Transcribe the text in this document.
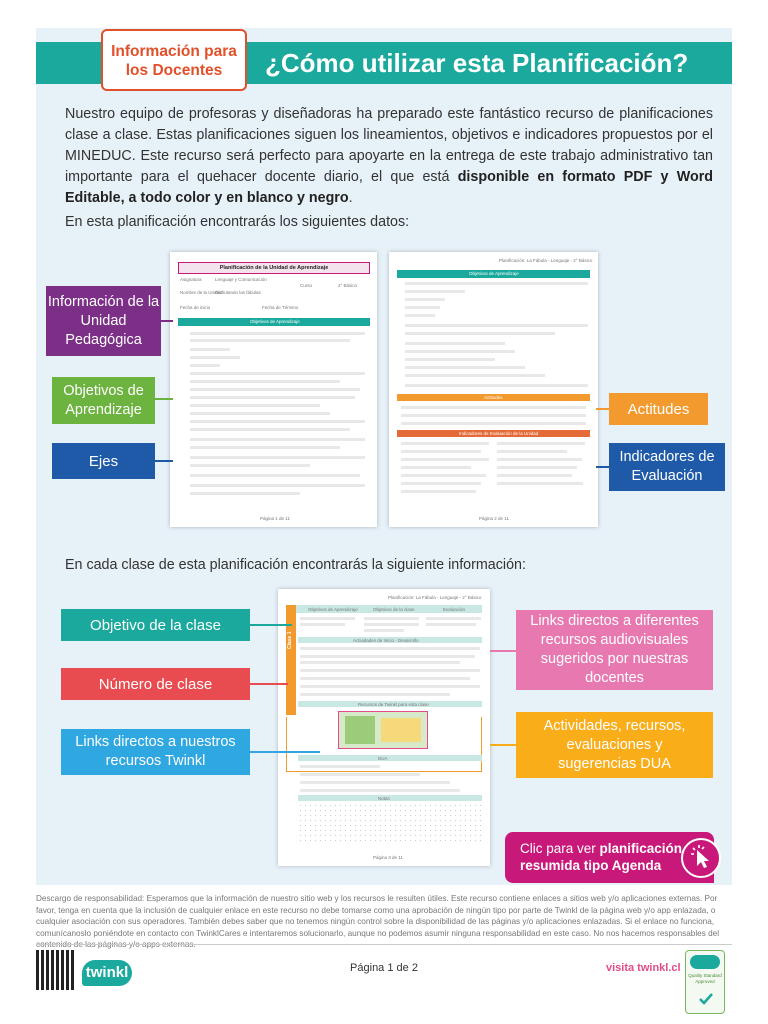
¿Cómo utilizar esta Planificación?
Información para
los Docentes

Nuestro equipo de profesoras y diseñadoras ha preparado este fantástico recurso de planificaciones clase a clase. Estas planificaciones siguen los lineamientos, objetivos e indicadores propuestos por el MINEDUC. Este recurso será perfecto para apoyarte en la entrega de este trabajo administrativo tan importante para el quehacer docente diario, el que está disponible en formato PDF y Word Editable, a todo color y en blanco y negro.

En esta planificación encontrarás los siguientes datos:
Planificación de la Unidad de Aprendizaje
Asignatura	Lenguaje y Comunicación
Nombre de la Unidad
Disfrutando las fábulas
Curso	2° Básico
Fecha de inicio	Fecha de Término
Objetivos de Aprendizaje
Página 1 de 11
Planificación: La Fábula - Lenguaje - 2° Básico
Objetivos de Aprendizaje
Actitudes
Indicadores de Evaluación de la Unidad
Página 2 de 11
Información de la Unidad Pedagógica
Objetivos de Aprendizaje
Ejes
Actitudes
Indicadores de Evaluación
En cada clase de esta planificación encontrarás la siguiente información:
Planificación: La Fábula - Lenguaje - 2° Básico
Objetivos de Aprendizaje	Objetivos de la clase	Evaluación
Clase 1	Actividades de Inicio - Desarrollo
Recursos de Twinkl para esta clase
DUA
Notas
Página 3 de 11
Objetivo de la clase
Número de clase
Links directos a nuestros recursos Twinkl
Links directos a diferentes recursos audiovisuales sugeridos por nuestras docentes
Actividades, recursos, evaluaciones y sugerencias DUA
Clic para ver planificación
resumida tipo Agenda

Descargo de responsabilidad: Esperamos que la información de nuestro sitio web y los recursos le resulten útiles. Este recurso contiene enlaces a sitios web y/o aplicaciones externas. Por favor, tenga en cuenta que la inclusión de cualquier enlace en este recurso no debe tomarse como una aprobación de ningún tipo por parte de Twinkl de la página web y/o app enlazada, o cualquier asociación con sus operadores. También debes saber que no tenemos ningún control sobre la disponibilidad de las páginas y/o aplicaciones enlazadas. Si el enlace no funciona, comunícanoslo poniéndote en contacto con TwinklCares e intentaremos solucionarlo, aunque no podemos asumir ninguna responsabilidad en este caso. No nos hacemos responsables del

twinkl	Página 1 de 2	visita twinkl.cl
Quality Standard
Approved
